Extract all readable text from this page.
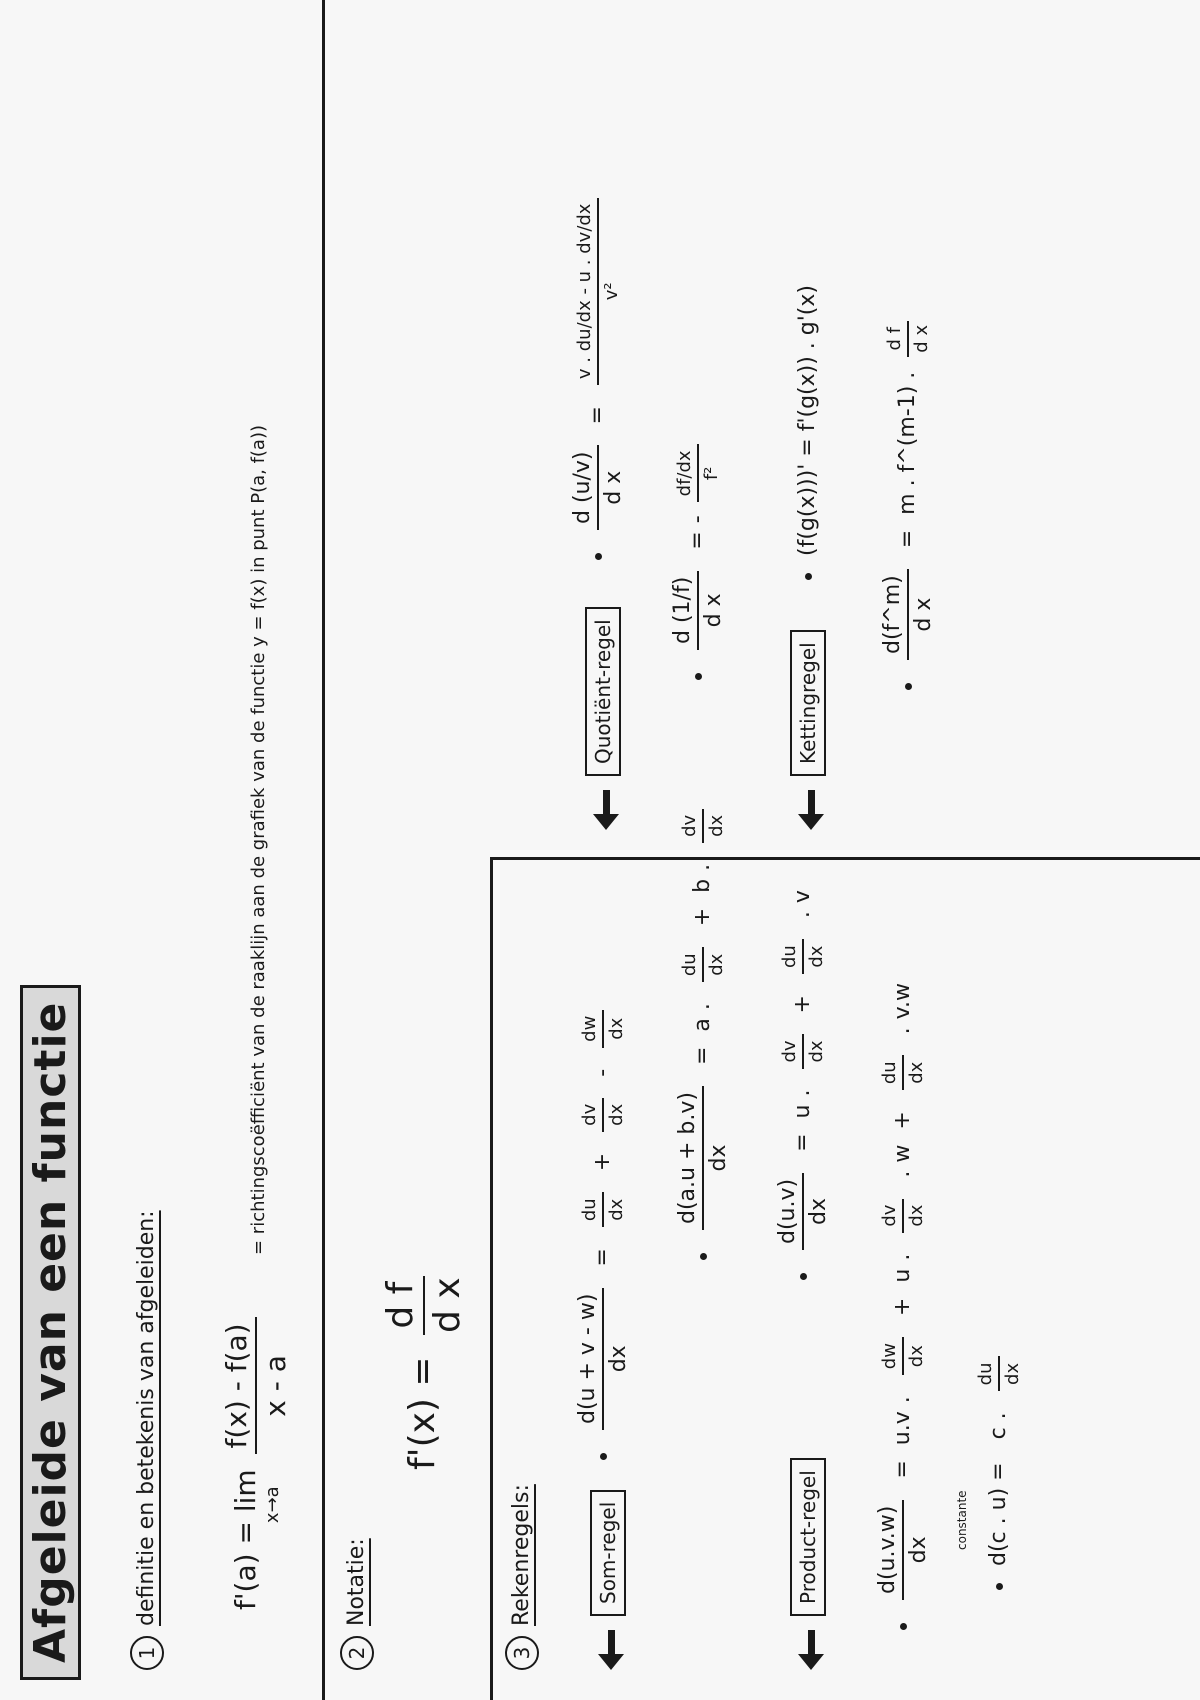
Afgeleide van een functie	1definitie en betekenis van afgeleiden:	f'(a) = lim x→a

f(x) - f(a) x - a
= richtingscoëfficiënt van de raaklijn aan de grafiek van de functie y = f(x) in punt P(a, f(a))
2Notatie:
f'(x) =
d f d x
3Rekenregels:	Som-regel

d(u + v - w) dx
=
du dx
+
dv dx
-
dw dx

d(a.u + b.v) dx
= a.
du dx
+ b.
dv dx
Product-regel

d(u.v) dx
= u.
dv dx
+
du dx
.v

d(u.v.w) dx
= u.v.
dw dx
+ u.
dv dx
.w +
du dx
.v.w
constante d(c . u) = c.
du dx
Quotiënt-regel

d (u/v) d x
=
v . du/dx - u . dv/dx v²

d (1/f) d x
=-
df/dx f²
Kettingregel
(f(g(x)))' = f'(g(x)) . g'(x)

d(f^m) d x
= m . f^(m-1) .
d f d x
